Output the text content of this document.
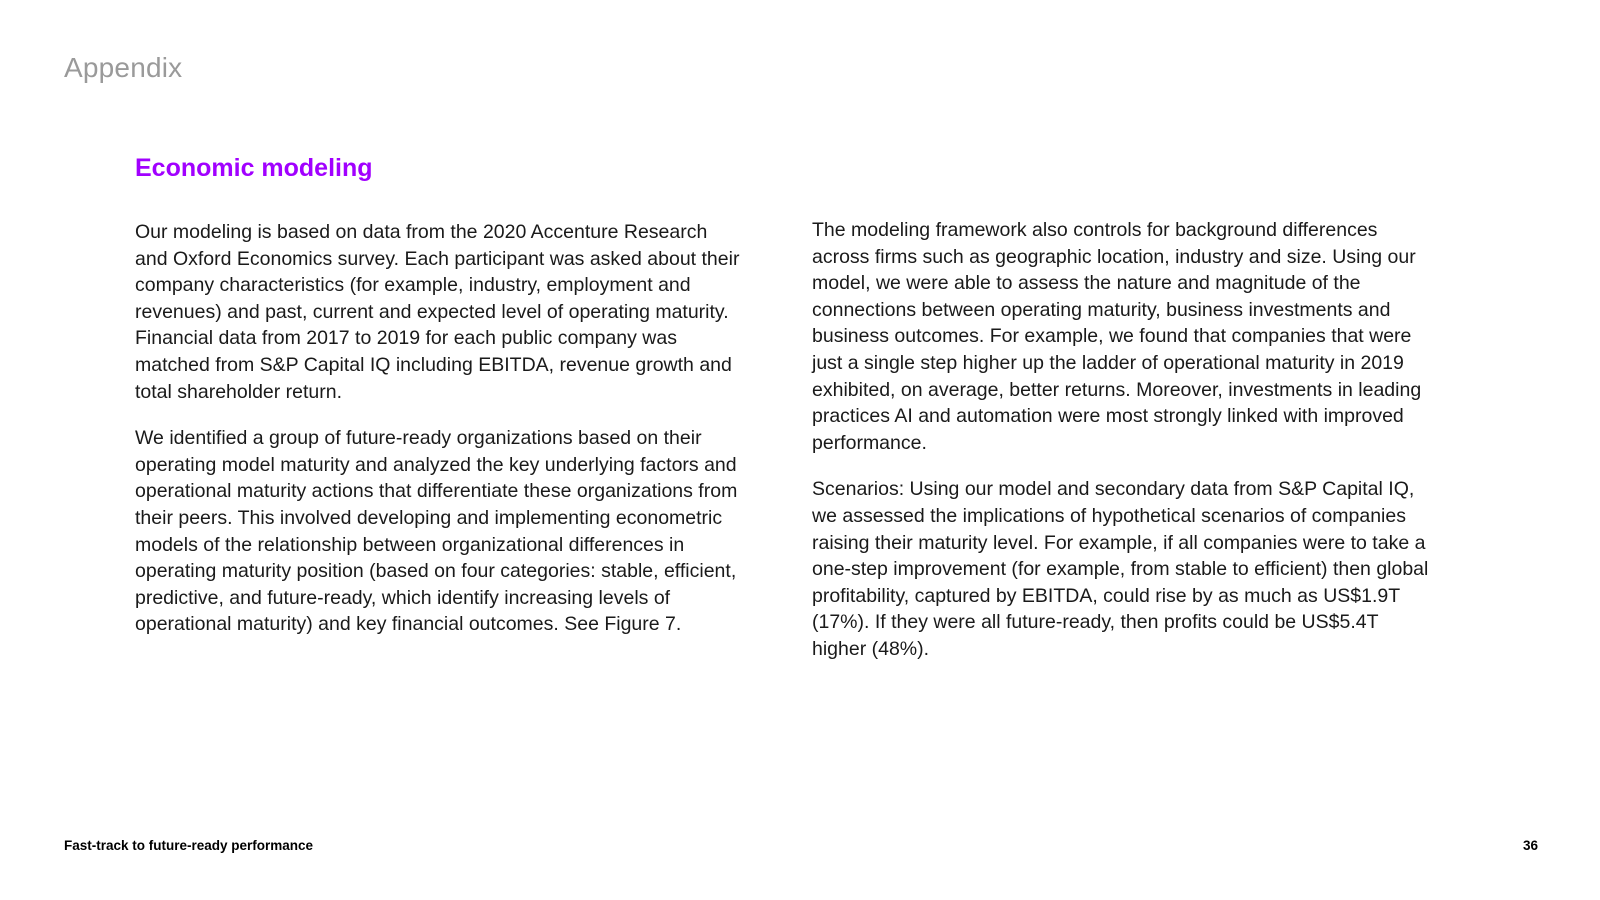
Appendix
Economic modeling

Our modeling is based on data from the 2020 Accenture Research and Oxford Economics survey. Each participant was asked about their company characteristics (for example, industry, employment and revenues) and past, current and expected level of operating maturity. Financial data from 2017 to 2019 for each public company was matched from S&P Capital IQ including EBITDA, revenue growth and total shareholder return.

We identified a group of future-ready organizations based on their operating model maturity and analyzed the key underlying factors and operational maturity actions that differentiate these organizations from their peers. This involved developing and implementing econometric models of the relationship between organizational differences in operating maturity position (based on four categories: stable, efficient, predictive, and future-ready, which identify increasing levels of operational maturity) and key financial outcomes. See Figure 7.

The modeling framework also controls for background differences across firms such as geographic location, industry and size. Using our model, we were able to assess the nature and magnitude of the connections between operating maturity, business investments and business outcomes. For example, we found that companies that were just a single step higher up the ladder of operational maturity in 2019 exhibited, on average, better returns. Moreover, investments in leading practices AI and automation were most strongly linked with improved performance.

Scenarios: Using our model and secondary data from S&P Capital IQ, we assessed the implications of hypothetical scenarios of companies raising their maturity level. For example, if all companies were to take a one-step improvement (for example, from stable to efficient) then global profitability, captured by EBITDA, could rise by as much as US$1.9T (17%). If they were all future-ready, then profits could be US$5.4T higher (48%).

Fast-track to future-ready performance	36
